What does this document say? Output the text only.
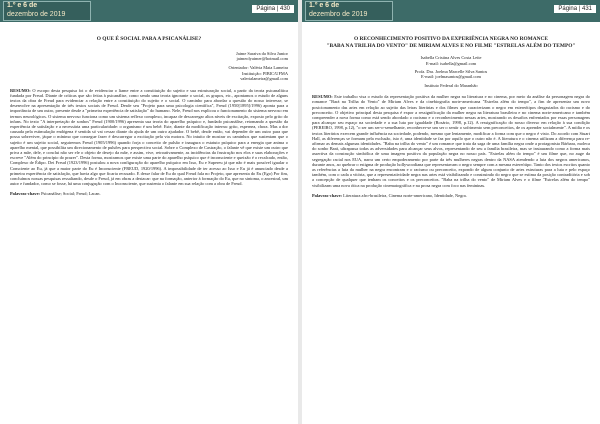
1.º e 6 de
dezembro de 2019
Página | 430
O QUE É SOCIAL PARA A PSICANÁLISE?
Jaime Saraiva da Silva Junior
jaimeolyaimer@hotmail.com
Orientador: Valéria Maia Lameira
Instituição: PIBIC/UFMA
valerialameira@gmail.com

RESUMO: O escopo desta pesquisa foi o de evidenciar o liame entre a constituição do sujeito e sua estruturação social, a partir da teoria psicanalítica fundada por Freud. Diante de críticas que são feitas à psicanálise, como sendo uma teoria ignorante o social, os grupos, etc., apontamos o estudo de alguns textos da obra de Freud para evidenciar a relação entre a constituição do sujeito e o social. O caminho para abordar a questão do nosso interesse, se desenvolve na apresentação de três textos sociais de Freud. Desde seu "Projeto para uma psicologia científica", Freud (1950[1895]/1996) aponta para a importância de um outro, presente desde a "primeira experiência de satisfação" do humano. Nele, Freud nos explicou o funcionamento do sistema nervoso em termos neurológicos. O sistema nervoso funciona como um sistema reflexo complexo, incapaz de descarregar altos níveis de excitação, exposto pelo grito do infans. No texto "A interpretação de sonhos" Freud (1900/1996) apresenta sua teoria do aparelho psíquico e, fundado psicanálise, retomando a questão da experiência de satisfação e a necessária uma particularidade: o organismo é um bebê. Este, diante da modificação interna: grito, espernea, chora. Mas a dor causada pela estimulação endógena é sentida só vai cessar diante da ajuda de um outro ajudador. O bebê, desde então, vai depender de um outro para que possa sobreviver, jáque o mínimo que consegue fazer é descarregar a excitação pela via motora. No intuito de mostrar os caminhos que sustentam que o sujeito é um sujeito social, seguiremos Freud (1905/1996) quando forja o conceito de pulsão e inaugura o estatuto psíquico para a energia que anima o aparelho mental, que possibilita um direcionamento de pulsões para perspectiva social. Sobre o Complexo de Castração, o falante vê que existe um outro que priva a mãe, dele, e conclui não ser ele o objeto de desejo da mãe, e assim, vive, retroativamente, as incidências da frustração nos elos e suas elaborações e escreve "Além do princípio do prazer". Desta forma, mostramos que existe uma parte do aparelho psíquico que é inconsciente e queixão é o recalcado, então, Complexo de Édipo. Dei Freud (1923/1996) postulou a nova configuração do aparelho psíquico em Isso, Eu e Supereu já que não é mais possível igualar o Consciente ao Eu, já que a maior parte do Eu é Inconsciente (FREUD, 1920/1996). A impossibilidade de ter acesso ao Isso e Eu já é anunciado desde a primeira experiência de satisfação, que havia algo que ficaria recusado. E desse falar de Eu do qual Freud fala no Projeto, que apresenta do Eu (Ego) Por fim, concluímos nossas pesquisas ressaltando, desde o Freud, já em obras a destacar: que na formação, anterior à formação do Eu, que no sintoma, o ancestral, um autor e fundador, como se fosse, há uma conjugação com o Inconsciente, que sustenta o falante em sua relação com a obra de Freud.

Palavras-chave: Psicanálise; Social; Freud; Lacan.

1.º e 6 de
dezembro de 2019
Página | 431
O RECONHECIMENTO POSITIVO DA EXPERIÊNCIA NEGRA NO ROMANCE
"BABA NA TRILHA DO VENTO" DE MIRIAM ALVES E NO FILME "ESTRELAS ALÉM DO TEMPO"
Isabella Cristina Alves Costa Leite
E-mail: isabella@gmail.com
Profa. Dra. Joelma Marcelle Silva Santos
E-mail: joelmasantos@gmail.com
Instituto Federal do Maranhão

RESUMO: Este trabalho visa o estudo da representação positiva da mulher negra na literatura e no cinema, por meio da análise da personagem negra do romance "Bará na Trilha do Vento" de Miriam Alves e da cinebiografia norte-americana "Estrelas além do tempo", a fim de apresentar um novo posicionamento das artes em relação ao sujeito das letras literárias e dos filmes que caracterizam o negro em estereótipos desgastados do racismo e do preconceito. O objetivo principal desta pesquisa é expor a ressignificação da mulher negra na literatura brasileira e no cinema norte-americano e também compreender a nova forma como está sendo abordado o racismo e o reconhecimento nessas artes, mostrando os desafios enfrentados por essas personagens para alcançar seu espaço na sociedade e a sua luta por igualdade (Rosário, 1998, p.12). A ressignificação do nosso diverso em relação à sua condição (PEREIRO, 1998, p.12), "o ser um ser-o-semelhante, reconhecer-se um ser o sentir o sofrimento sem preconceitos, de os aprender socialmente". A mídia e os textos literários exercem grande influência na sociedade, podendo, mesmo que lentamente, modificar a forma com que o negro é visto. Do acordo com Stuart Hall, as diferenças se formam pela exclusão, isto é, uma identidade se faz por aquilo que o outro não é. A literatura e o cinema utilizam a diferença para re-afirmar as demais algumas identidades. "Baba na trilha do vento" é um romance que trata da saga de uma família negra onde a protagonista Bárbara, moleca do sonho Bará, ultrapassa todas as adversidades para alcançar seus alvos, representando de seu a família brasileira, mas se instaurando como a forma mais assertiva da construção simbólica de uma imagem positiva da população negra no nosso país. "Estrelas além do tempo" é um filme que, no auge da segregação racial nos EUA, narra um certo empoderamento por parte da três mulheres negras dentro da NASA atendendo a luta dos negros americanos, durante anos, ao quebrar o estigma de produção hollywoodiana que representavam o negro sempre com a mesma estereótipo. Tanto dos textos escritos quanto as referências a luta da mulher na negra encontram e o racismo ou preconceito, expondo de algum conjunto de artes estruturas para a luta e pelo espaço também, com o cada a vitória, que a representatividade negra nas artes está visibilizando e construindo do negro que se estima da posição contraditória e sob a concepção de qualquer que tenham os conceitos e os preconceitos. "Baba na trilha do vento" de Miriam Alves e o filme "Estrelas além do tempo" visibilizam uma nova ótica na produção cinematográfica e na prosa negra com foco nas femininas.

Palavras-chave: Literatura afro-brasileira, Cinema norte-americano, Identidade, Negra.
